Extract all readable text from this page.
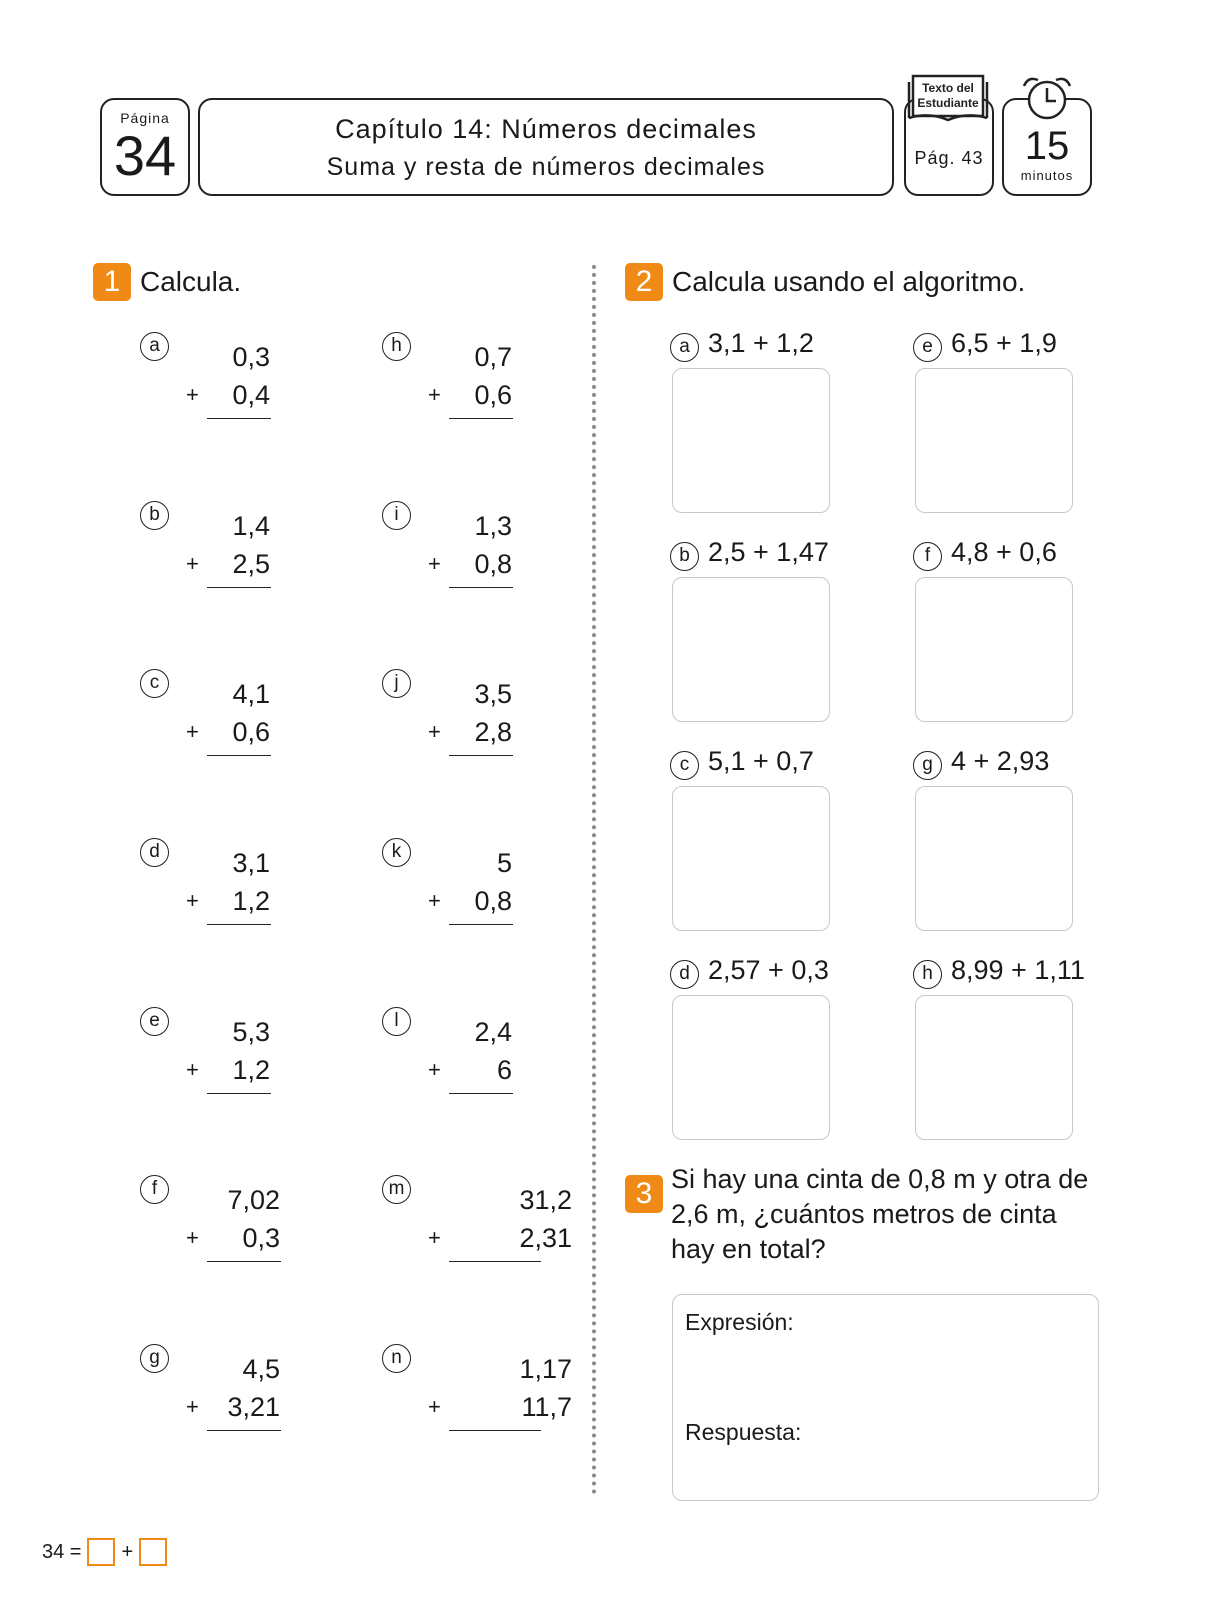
Página
34	Capítulo 14: Números decimales
Suma y resta de números decimales	Pág. 43
Texto del
Estudiante
15
minutos
1 Calcula.
a	0,3
+ 0,4
b	1,4
+ 2,5
c	4,1
+ 0,6
d	3,1
+ 1,2
e	5,3
+ 1,2
f	7,02
+ 0,3
g	4,5
+ 3,21
h	0,7
+ 0,6
i	1,3
+ 0,8
j	3,5
+ 2,8
k	5
+ 0,8
l	2,4
+ 6
m	31,2
+	2,31
n	1,17
+	11,7
2 Calcula usando el algoritmo.
a 3,1 + 1,2
b 2,5 + 1,47
c 5,1 + 0,7
d 2,57 + 0,3
e 6,5 + 1,9
f 4,8 + 0,6
g 4 + 2,93
h 8,99 + 1,11
3 Si hay una cinta de 0,8 m y otra de 2,6 m, ¿cuántos metros de cinta hay en total?
Expresión:
Respuesta:
34 = +
